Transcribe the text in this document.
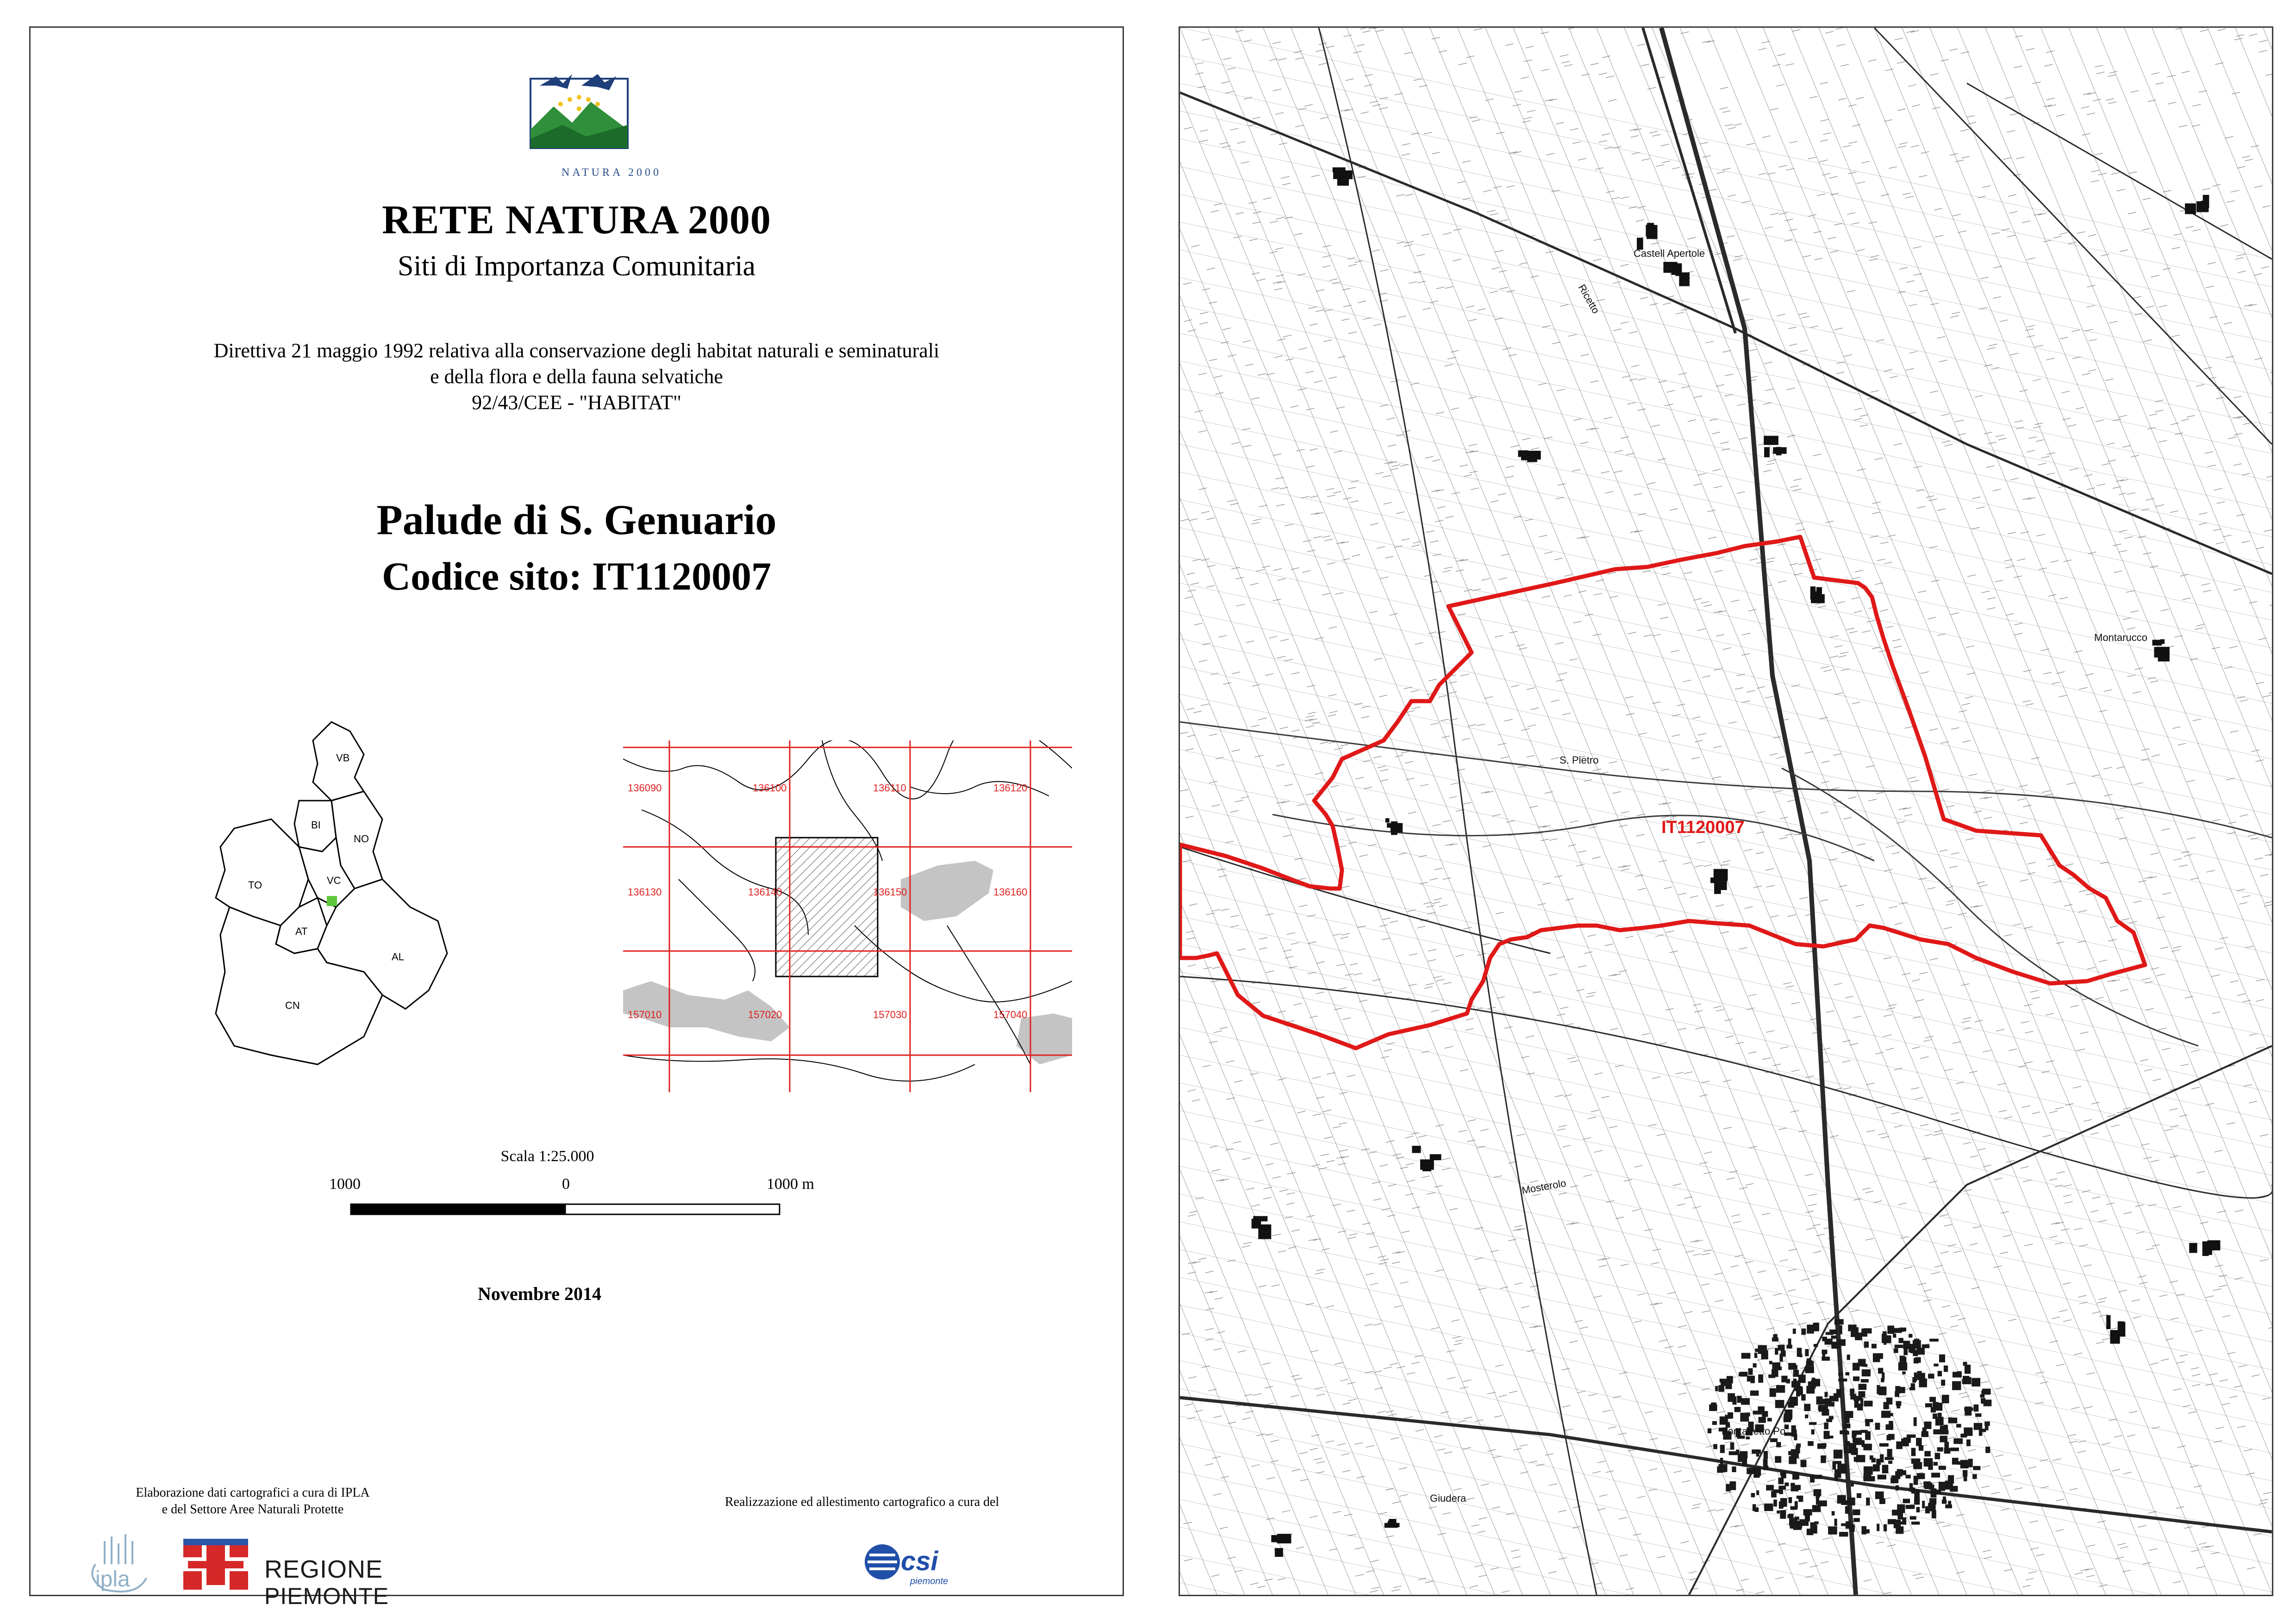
NATURA 2000
RETE NATURA 2000
Siti di Importanza Comunitaria
Direttiva 21 maggio 1992 relativa alla conservazione degli habitat naturali e seminaturali
e della flora e della fauna selvatiche
92/43/CEE - "HABITAT"
Palude di S. Genuario
Codice sito: IT1120007
VB
NO
BI
VC
TO
AT
AL
CN
136090	136100	136110	136120
136130	136140	136150	136160
157010	157020	157030	157040
Scala 1:25.000
1000	0	1000 m
Novembre 2014
Elaborazione dati cartografici a cura di IPLA
e del Settore Aree Naturali Protette
Realizzazione ed allestimento cartografico a cura del
ipla	REGIONE
PIEMONTE
csi
piemonte
IT1120007
Fontanetto Po
Montarucco
Castell Apertole
S. Pietro
Giudera
Mosterolo
Ricetto
